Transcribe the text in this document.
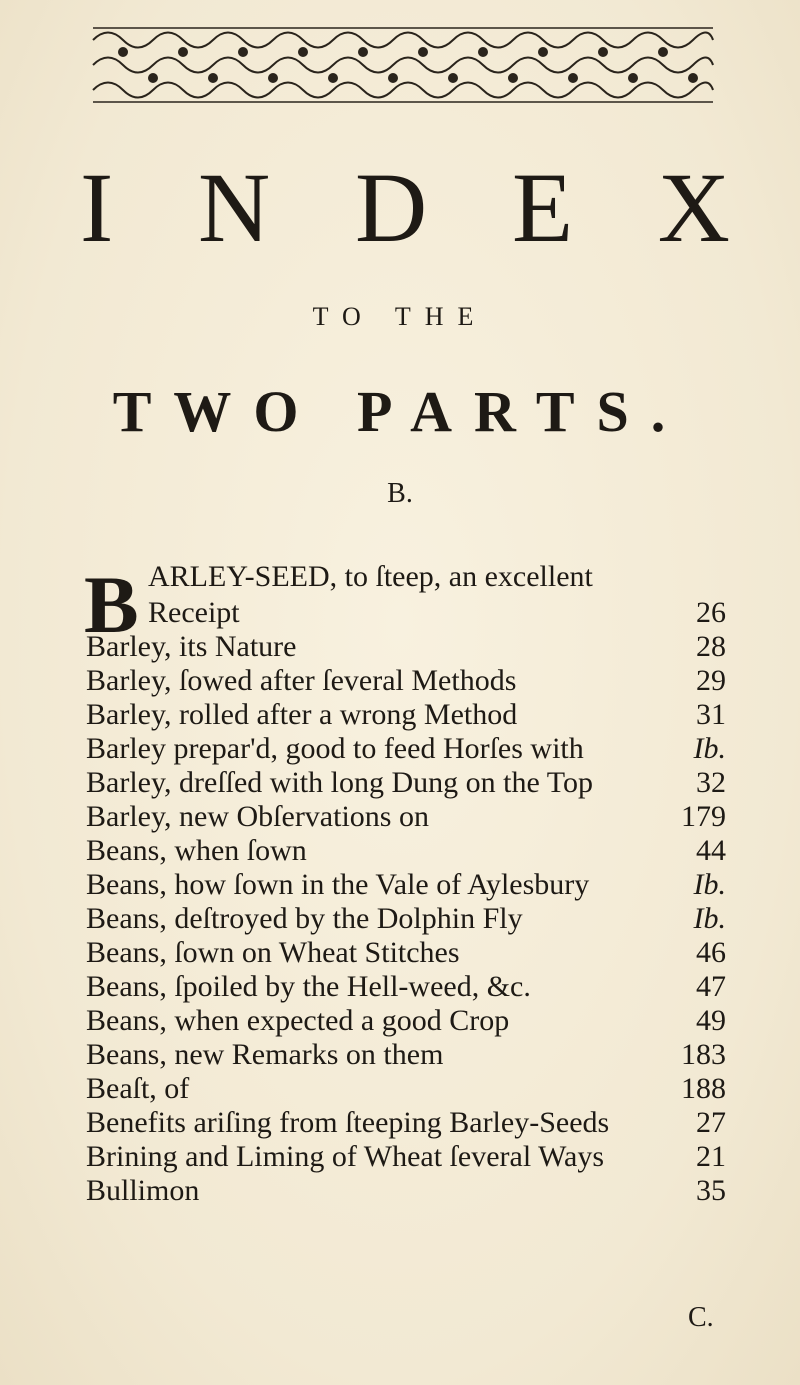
I N D E X
TO THE
TWO PARTS.
B.
B ARLEY-SEED, to ſteep, an excellent
Receipt	26
Barley, its Nature	28
Barley, ſowed after ſeveral Methods	29
Barley, rolled after a wrong Method	31
Barley prepar'd, good to feed Horſes with	Ib.
Barley, dreſſed with long Dung on the Top	32
Barley, new Obſervations on	179
Beans, when ſown	44
Beans, how ſown in the Vale of Aylesbury	Ib.
Beans, deſtroyed by the Dolphin Fly	Ib.
Beans, ſown on Wheat Stitches	46
Beans, ſpoiled by the Hell-weed, &c.	47
Beans, when expected a good Crop	49
Beans, new Remarks on them	183
Beaſt, of	188
Benefits ariſing from ſteeping Barley-Seeds	27
Brining and Liming of Wheat ſeveral Ways	21
Bullimon	35
C.
